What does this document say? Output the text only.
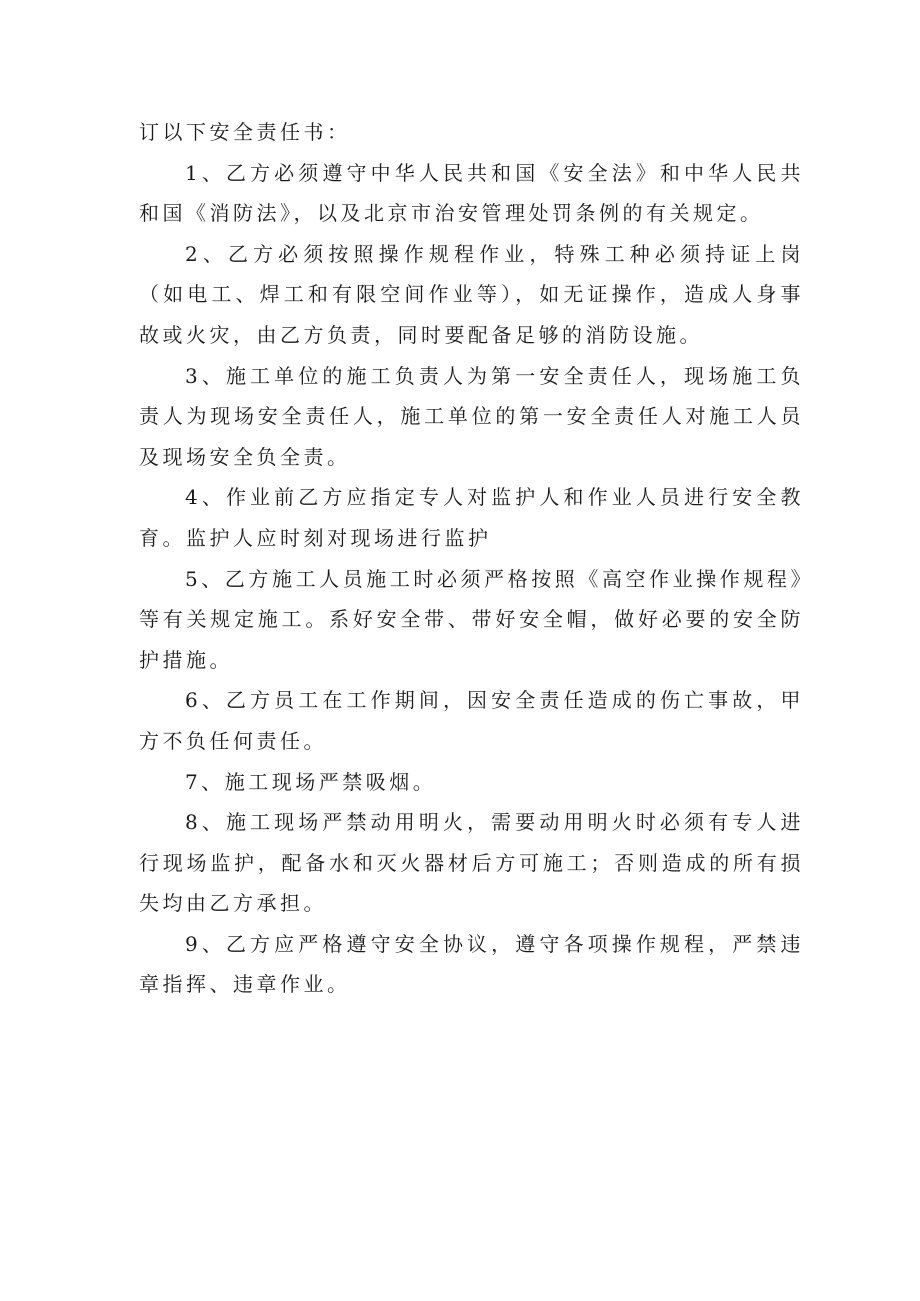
订以下安全责任书：

1、乙方必须遵守中华人民共和国《安全法》和中华人民共和国《消防法》，以及北京市治安管理处罚条例的有关规定。

2、乙方必须按照操作规程作业，特殊工种必须持证上岗（如电工、焊工和有限空间作业等），如无证操作，造成人身事故或火灾，由乙方负责，同时要配备足够的消防设施。

3、施工单位的施工负责人为第一安全责任人，现场施工负责人为现场安全责任人，施工单位的第一安全责任人对施工人员及现场安全负全责。

4、作业前乙方应指定专人对监护人和作业人员进行安全教育。监护人应时刻对现场进行监护

5、乙方施工人员施工时必须严格按照《高空作业操作规程》等有关规定施工。系好安全带、带好安全帽，做好必要的安全防护措施。

6、乙方员工在工作期间，因安全责任造成的伤亡事故，甲方不负任何责任。

7、施工现场严禁吸烟。

8、施工现场严禁动用明火，需要动用明火时必须有专人进行现场监护，配备水和灭火器材后方可施工；否则造成的所有损失均由乙方承担。

9、乙方应严格遵守安全协议，遵守各项操作规程，严禁违章指挥、违章作业。
